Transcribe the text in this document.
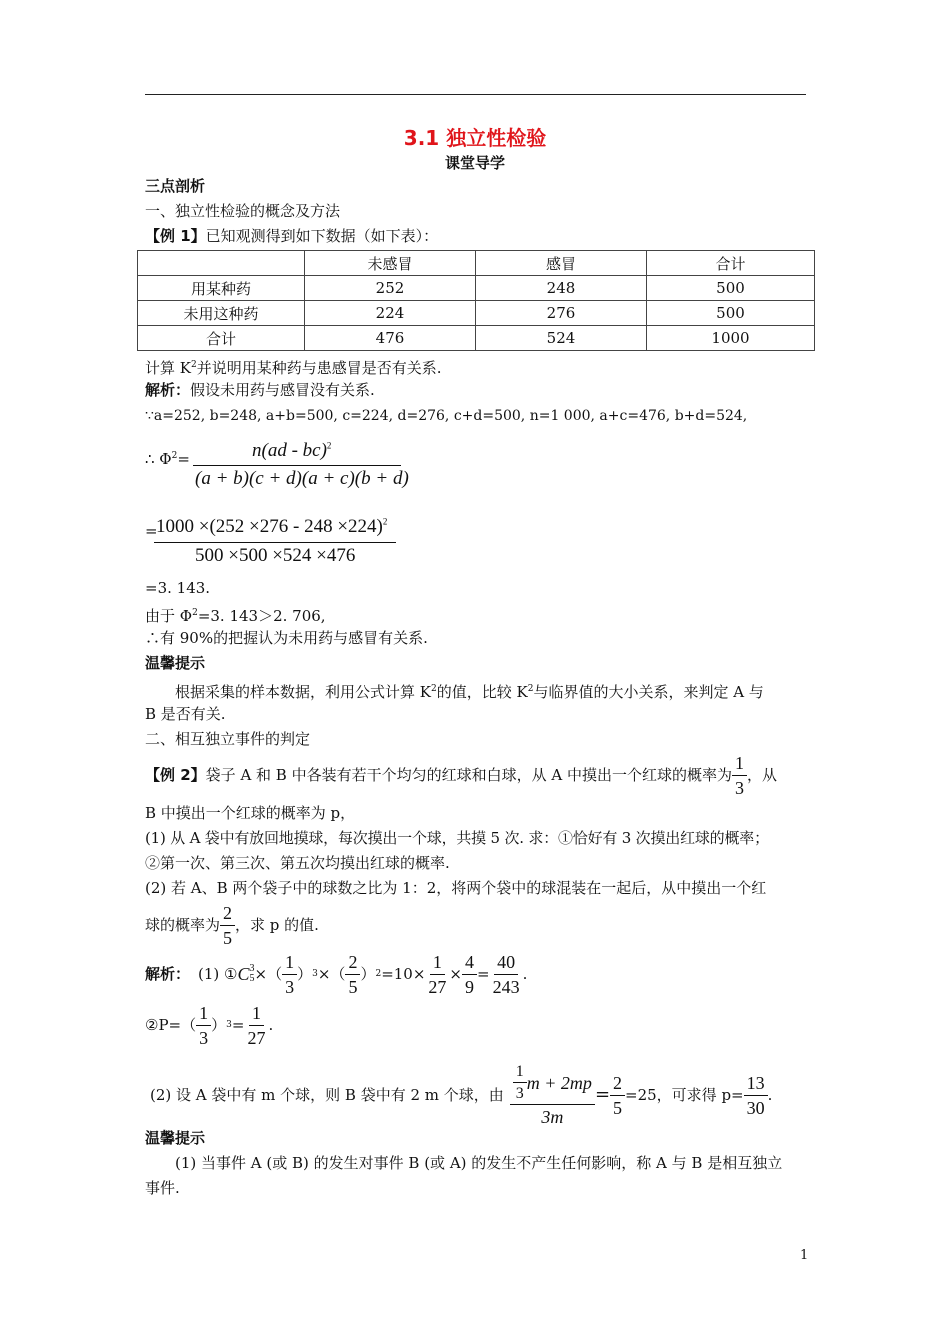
3.1 独立性检验
课堂导学
三点剖析
一、独立性检验的概念及方法
【例 1】已知观测得到如下数据（如下表）：
	未感冒	感冒	合计
用某种药	252	248	500
未用这种药	224	276	500
合计	476	524	1000
计算 $K^2$并说明用某种药与患感冒是否有关系.
解析：假设未用药与感冒没有关系.
∵a=252, b=248, a+b=500, c=224, d=276, c+d=500, n=1 000, a+c=476, b+d=524,
∴ $\Phi^2=$	n(ad - bc)$^2$
(a + b)(c + d)(a + c)(b + d)
=
$1000 \times(252 \times 276 - 248 \times 224)^2$
500 ×500 ×524 ×476
=3. 143.
由于 $\Phi^2=3$. 143＞2. 706,
∴有 90%的把握认为未用药与感冒有关系.
温馨提示
根据采集的样本数据，利用公式计算 $K^2$的值，比较 $K^2$与临界值的大小关系，来判定 A 与
B 是否有关.
二、相互独立事件的判定
【例 2】 袋子 A 和 B 中各装有若干个均匀的红球和白球，从 A 中摸出一个红球的概率为 $\frac{1}{3}$ ，从
B 中摸出一个红球的概率为 p，
(1) 从 A 袋中有放回地摸球，每次摸出一个球，共摸 5 次. 求：①恰好有 3 次摸出红球的概率；
②第一次、第三次、第五次均摸出红球的概率.
(2) 若 A、B 两个袋子中的球数之比为 1：2，将两个袋中的球混装在一起后，从中摸出一个红
球的概率为 $\frac{2}{5}$ ，求 p 的值.
解析： (1) ① C 3
5 × （ $\frac{1}{3}$ ） 3 × （ $\frac{2}{5}$ ） $2 =10\times \frac{1}{27} \times \frac{4}{9} = \frac{40}{243}$ .
②P= （ $\frac{1}{3}$ ） $3 = \frac{1}{27}$ .
(2) 设 A 袋中有 m 个球，则 B 袋中有 2 m 个球，由 $\frac{\frac{1}{3} m + 2mp}{3m} = \frac{2}{5} =25$，可求得 $p= \frac{13}{30}$ .
温馨提示
(1) 当事件 A (或 B) 的发生对事件 B (或 A) 的发生不产生任何影响，称 A 与 B 是相互独立
事件.
1
